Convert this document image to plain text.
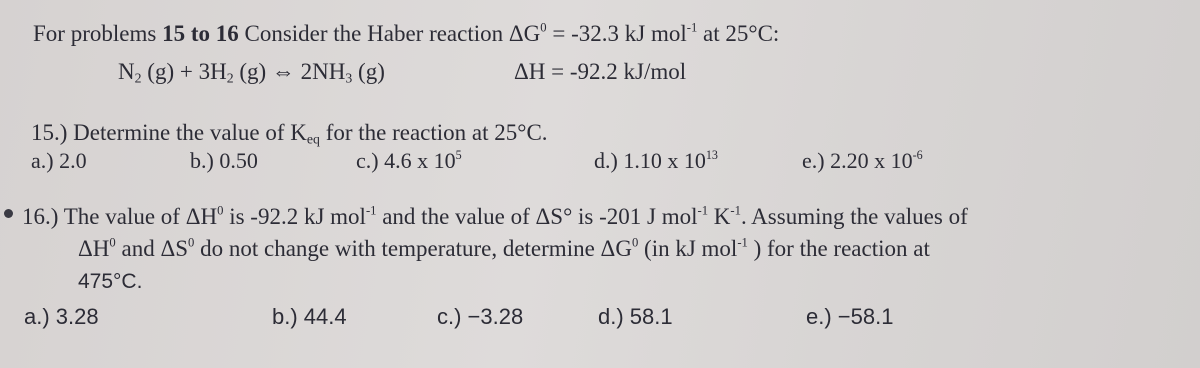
For problems 15 to 16 Consider the Haber reaction $\Delta G^0 = -32.3$ kJ mol$^{-1}$ at 25°C:
$N_2$ $(g) + 3H_2$ (g) ⇔ $2NH_3$ (g)	ΔH = -92.2 kJ/mol
15.) Determine the value of $K_{eq}$ for the reaction at 25°C.
a.) 2.0	b.) 0.50	c.) 4.6 x $10^5$	d.) 1.10 x $10^{13}$	e.) 2.20 x $10^{-6}$
16.) The value of $\Delta H^0$ is -92.2 kJ mol$^{-1}$ and the value of ΔS° is -201 J mol$^{-1}$ $K^{-1}$. Assuming the values of
$\Delta H^0$ and $\Delta S^0$ do not change with temperature, determine $\Delta G^0$ (in kJ mol$^{-1}$ ) for the reaction at
475°C.
a.) 3.28	b.) 44.4	c.) −3.28	d.) 58.1	e.) −58.1
